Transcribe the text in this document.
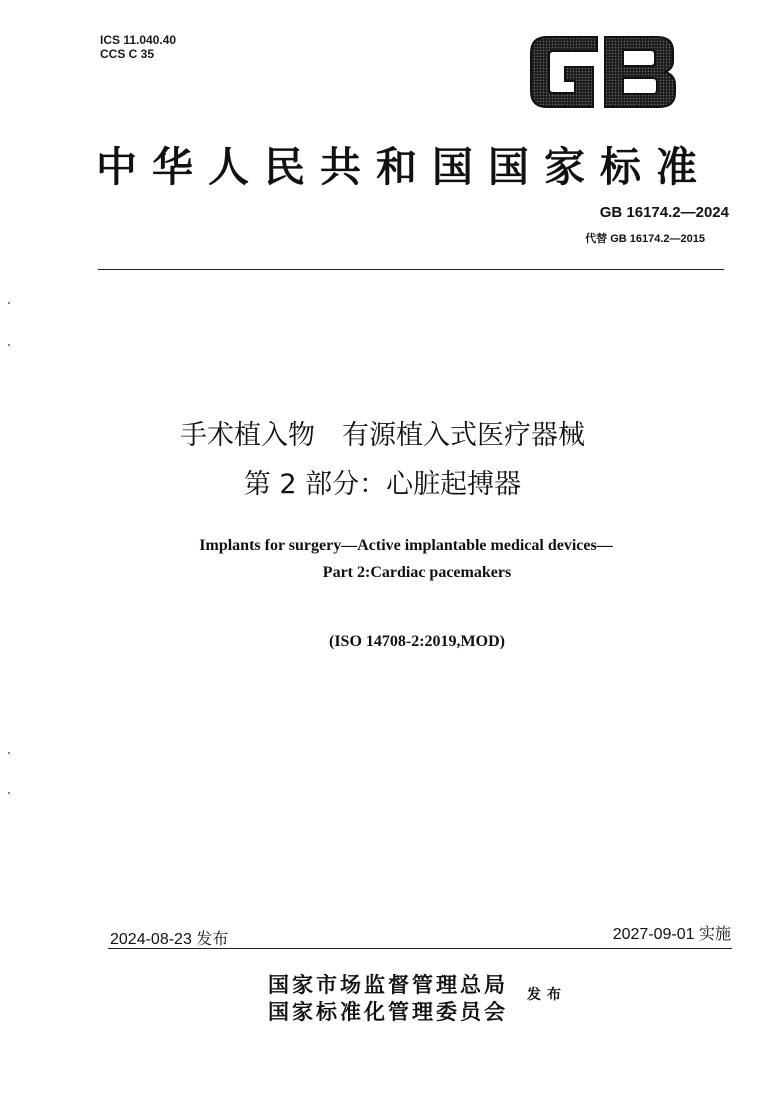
ICS 11.040.40
CCS C 35
中华人民共和国国家标准
GB 16174.2—2024
代替 GB 16174.2—2015
手术植入物　有源植入式医疗器械
第 2 部分：心脏起搏器
Implants for surgery—Active implantable medical devices—
Part 2:Cardiac pacemakers
(ISO 14708-2:2019,MOD)
2024-08-23 发布	2027-09-01 实施
国家市场监督管理总局
国家标准化管理委员会
发布
